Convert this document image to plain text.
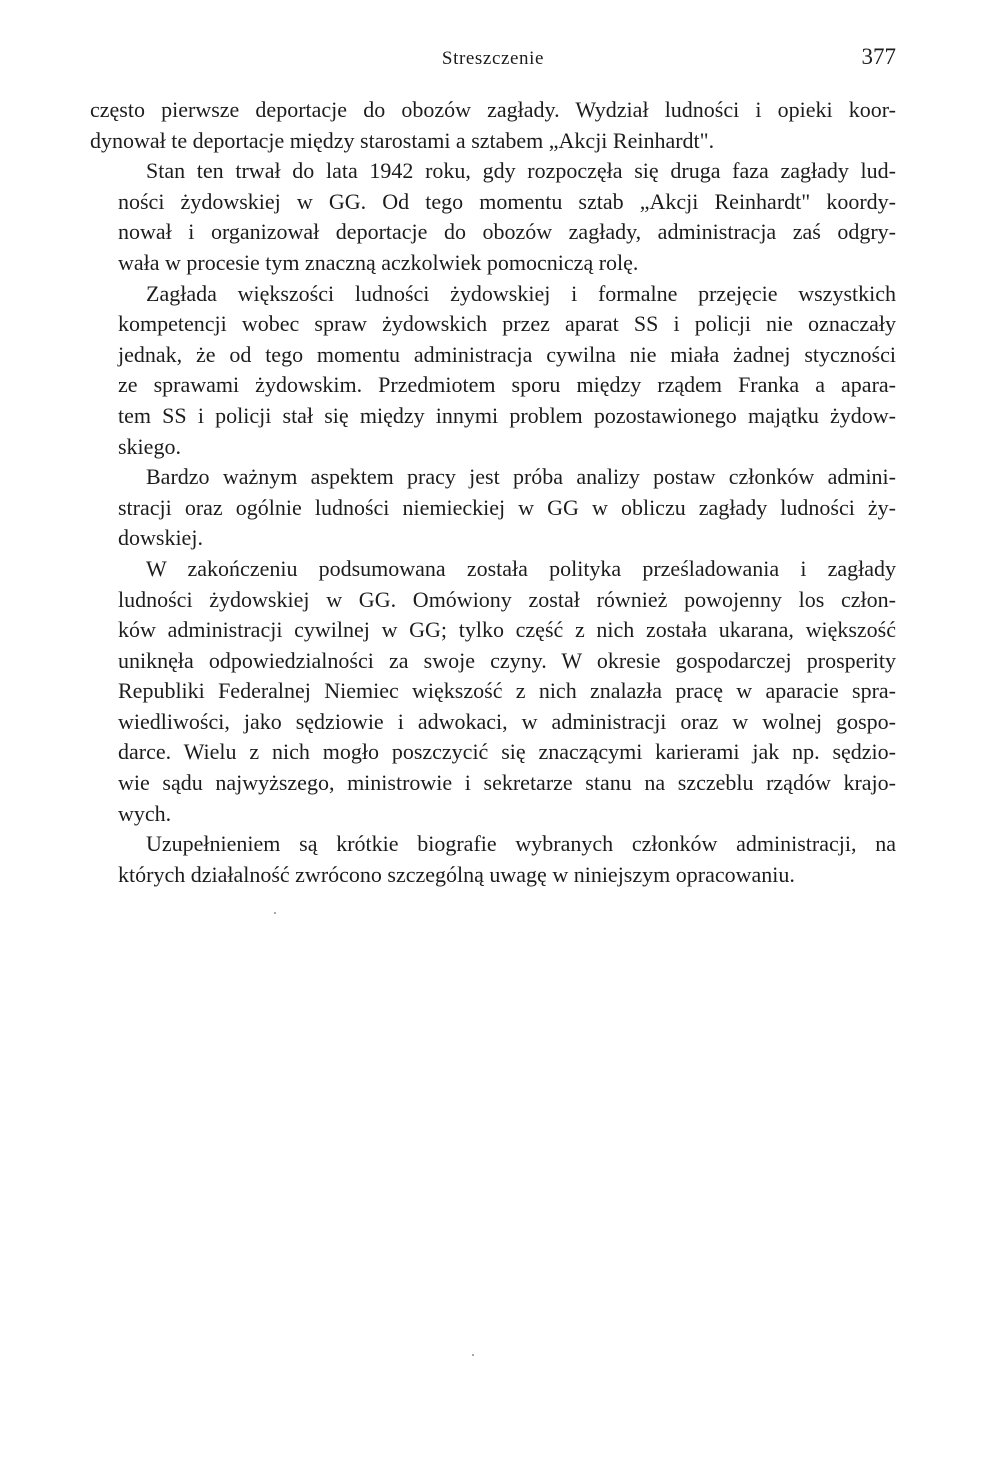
Streszczenie	377

często pierwsze deportacje do obozów zagłady. Wydział ludności i opieki koor-
dynował te deportacje między starostami a sztabem „Akcji Reinhardt".

Stan ten trwał do lata 1942 roku, gdy rozpoczęła się druga faza zagłady lud-
ności żydowskiej w GG. Od tego momentu sztab „Akcji Reinhardt" koordy-
nował i organizował deportacje do obozów zagłady, administracja zaś odgry-
wała w procesie tym znaczną aczkolwiek pomocniczą rolę.

Zagłada większości ludności żydowskiej i formalne przejęcie wszystkich
kompetencji wobec spraw żydowskich przez aparat SS i policji nie oznaczały
jednak, że od tego momentu administracja cywilna nie miała żadnej styczności
ze sprawami żydowskim. Przedmiotem sporu między rządem Franka a apara-
tem SS i policji stał się między innymi problem pozostawionego majątku żydow-
skiego.

Bardzo ważnym aspektem pracy jest próba analizy postaw członków admini-
stracji oraz ogólnie ludności niemieckiej w GG w obliczu zagłady ludności ży-
dowskiej.

W zakończeniu podsumowana została polityka prześladowania i zagłady
ludności żydowskiej w GG. Omówiony został również powojenny los człon-
ków administracji cywilnej w GG; tylko część z nich została ukarana, większość
uniknęła odpowiedzialności za swoje czyny. W okresie gospodarczej prosperity
Republiki Federalnej Niemiec większość z nich znalazła pracę w aparacie spra-
wiedliwości, jako sędziowie i adwokaci, w administracji oraz w wolnej gospo-
darce. Wielu z nich mogło poszczycić się znaczącymi karierami jak np. sędzio-
wie sądu najwyższego, ministrowie i sekretarze stanu na szczeblu rządów krajo-
wych.

Uzupełnieniem są krótkie biografie wybranych członków administracji, na
których działalność zwrócono szczególną uwagę w niniejszym opracowaniu.
